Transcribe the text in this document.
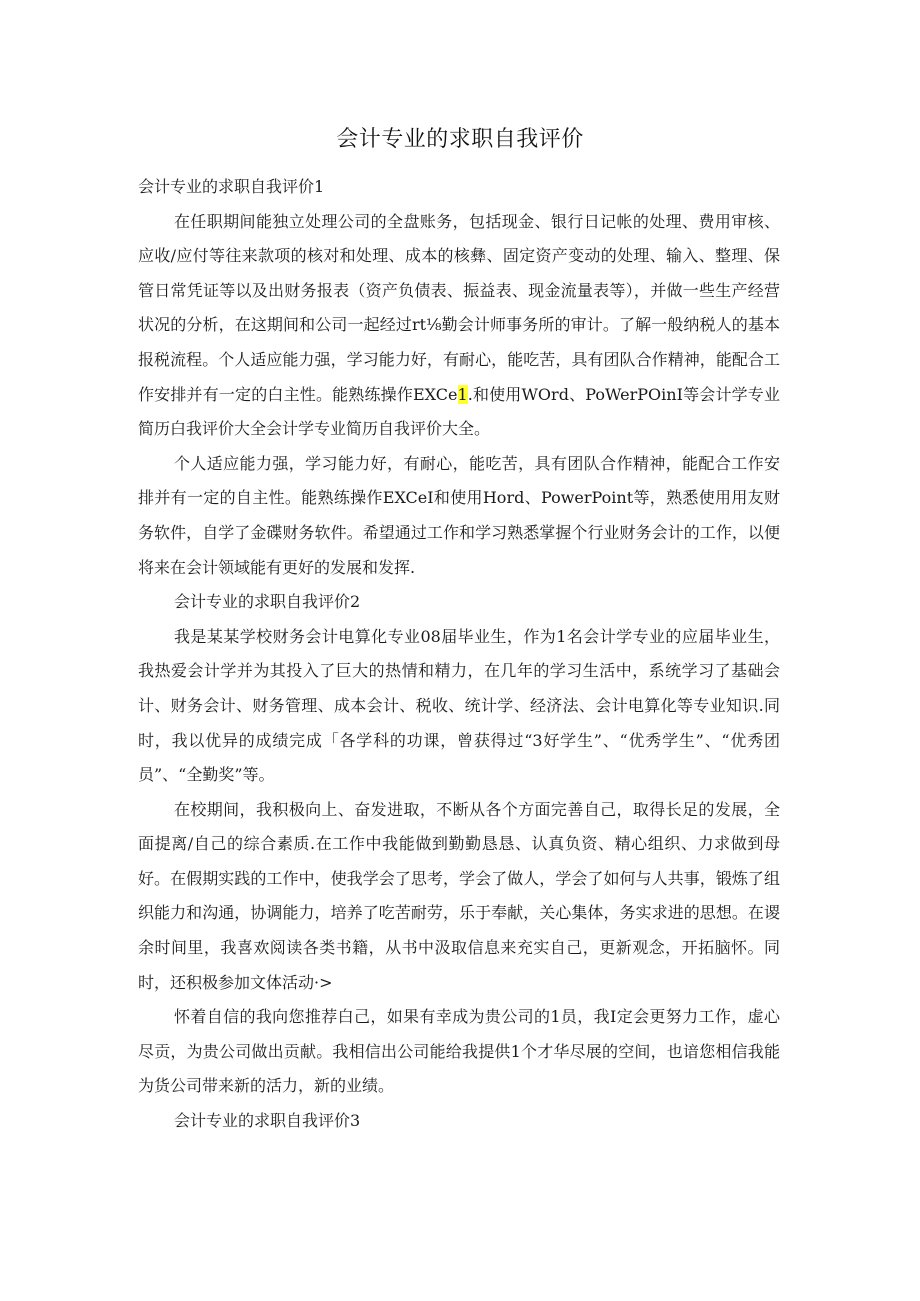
会计专业的求职自我评价

会计专业的求职自我评价1

在任职期间能独立处理公司的全盘账务，包括现金、银行日记帐的处理、费用审核、应收/应付等往来款项的核对和处理、成本的核彝、固定资产变动的处理、输入、整理、保管日常凭证等以及出财务报表（资产负债表、振益表、现金流量表等），并做一些生产经营状况的分析，在这期间和公司一起经过rt⅛勤会计师事务所的审计。了解一般纳税人的基本报税流程。个人适应能力强，学习能力好，有耐心，能吃苦，具有团队合作精神，能配合工作安排并有一定的白主性。能熟练操作EXCe1.和使用WOrd、PoWerPOinI等会计学专业简历白我评价大全会计学专业简历自我评价大全。

个人适应能力强，学习能力好，有耐心，能吃苦，具有团队合作精神，能配合工作安排并有一定的自主性。能熟练操作EXCeI和使用Hord、PowerPoint等，熟悉使用用友财务软件，自学了金碟财务软件。希望通过工作和学习熟悉掌握个行业财务会计的工作，以便将来在会计领域能有更好的发展和发挥.

会计专业的求职自我评价2

我是某某学校财务会计电算化专业08届毕业生，作为1名会计学专业的应届毕业生，我热爱会计学并为其投入了巨大的热情和精力，在几年的学习生活中，系统学习了基础会计、财务会计、财务管理、成本会计、税收、统计学、经济法、会计电算化等专业知识.同时，我以优异的成绩完成「各学科的功课，曾获得过“3好学生”、“优秀学生”、“优秀团员”、“全勤奖”等。

在校期间，我积极向上、奋发进取，不断从各个方面完善自己，取得长足的发展，全面提离/自己的综合素质.在工作中我能做到勤勤恳恳、认真负资、精心组织、力求做到母好。在假期实践的工作中，使我学会了思考，学会了做人，学会了如何与人共事，锻炼了组织能力和沟通，协调能力，培养了吃苦耐劳，乐于奉献，关心集体，务实求进的思想。在谡余时间里，我喜欢阅读各类书籍，从书中汲取信息来充实自己，更新观念，开拓脑怀。同时，还积极参加文体活动·>

怀着自信的我向您推荐白己，如果有幸成为贵公司的1员，我I定会更努力工作，虚心尽贡，为贵公司做出贡献。我相信出公司能给我提供1个才华尽展的空间，也谙您相信我能为货公司带来新的活力，新的业绩。

会计专业的求职自我评价3
